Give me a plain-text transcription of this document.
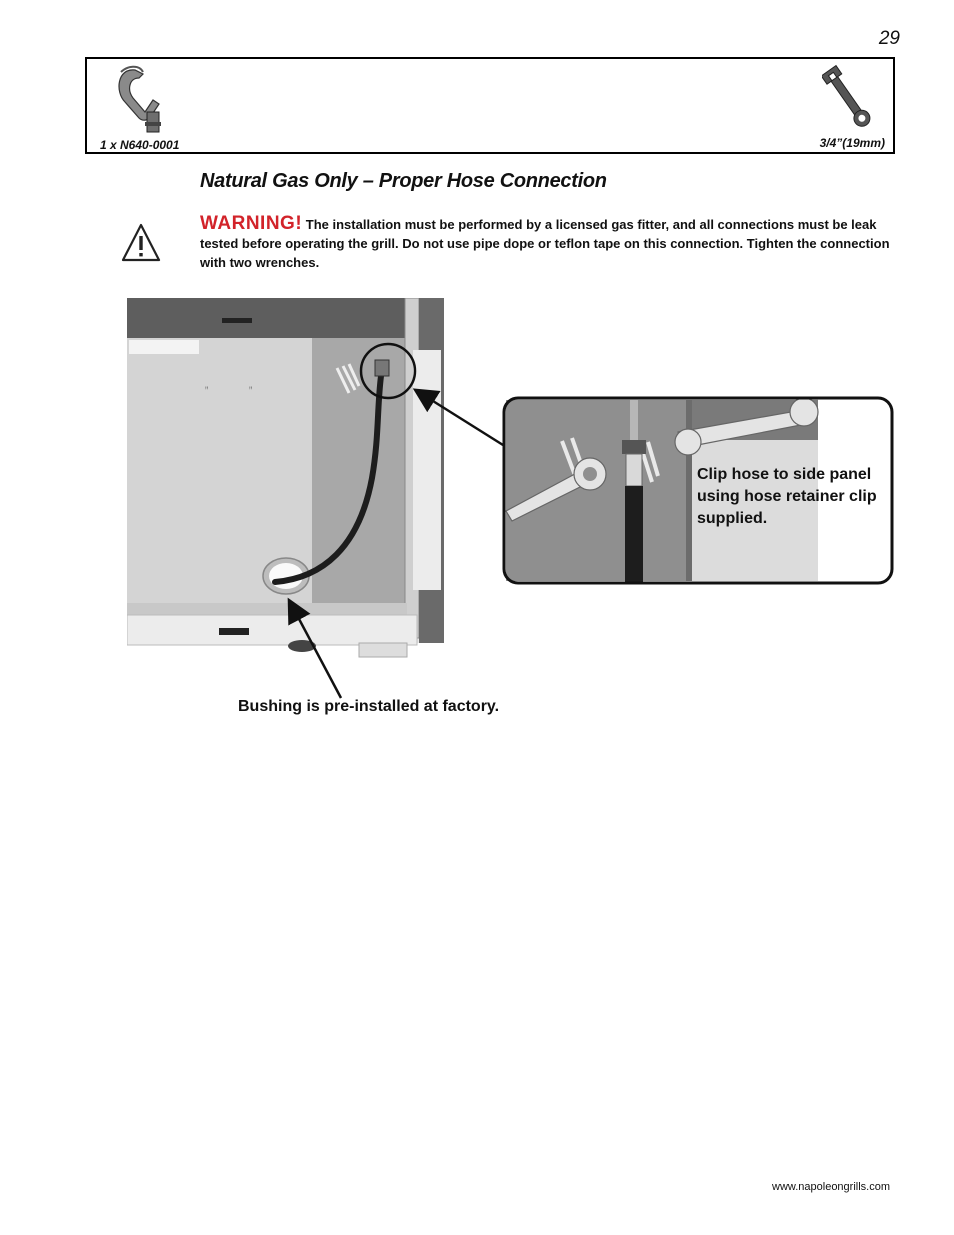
29
1 x N640-0001	3/4”(19mm)
Natural Gas Only – Proper Hose Connection
WARNING! The installation must be performed by a licensed gas fitter, and all connections must be leak tested before operating the grill. Do not use pipe dope or teflon tape on this connection. Tighten the connection with two wrenches.
ꞌꞌ	ꞌꞌ
Clip hose to side panel using hose retainer clip supplied.
Bushing is pre-installed at factory.
www.napoleongrills.com
